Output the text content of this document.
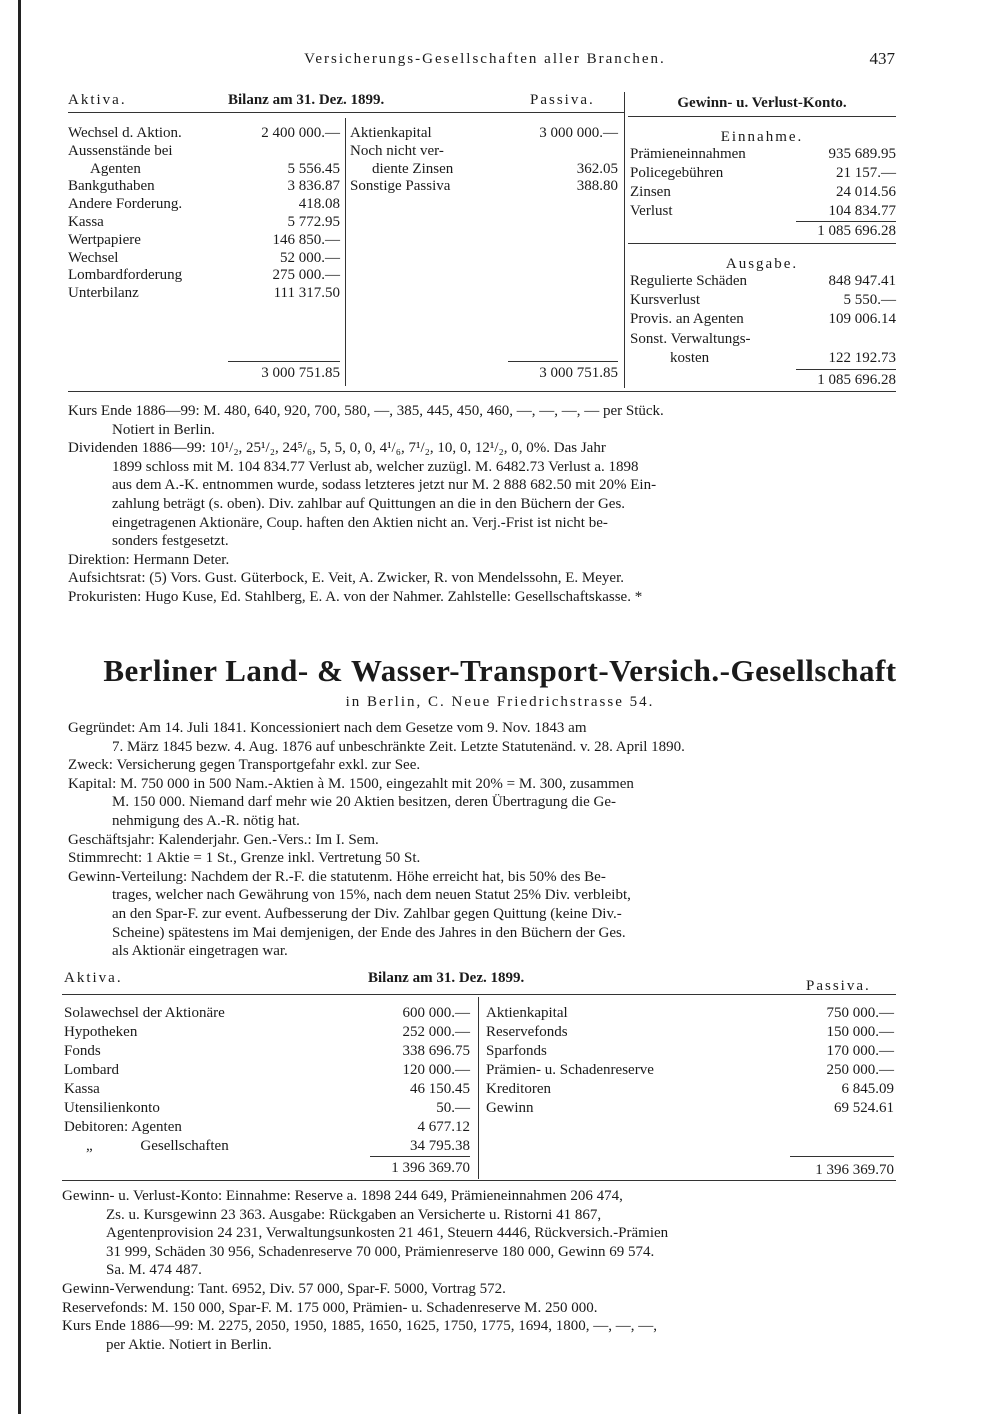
Versicherungs-Gesellschaften aller Branchen.	437
Aktiva.	Bilanz am 31. Dez. 1899.	Passiva.	Gewinn- u. Verlust-Konto.
Wechsel d. Aktion.	2 400 000.—
Aussenstände bei
Agenten	5 556.45
Bankguthaben	3 836.87
Andere Forderung.	418.08
Kassa	5 772.95
Wertpapiere	146 850.—
Wechsel	52 000.—
Lombardforderung	275 000.—
Unterbilanz	111 317.50
Aktienkapital	3 000 000.—
Noch nicht ver-
diente Zinsen	362.05
Sonstige Passiva	388.80
3 000 751.85	3 000 751.85
Einnahme.
Prämieneinnahmen	935 689.95
Policegebühren	21 157.—
Zinsen	24 014.56
Verlust	104 834.77
1 085 696.28
Ausgabe.
Regulierte Schäden	848 947.41
Kursverlust	5 550.—
Provis. an Agenten	109 006.14
Sonst. Verwaltungs-
kosten	122 192.73
1 085 696.28
Kurs Ende 1886—99: M. 480, 640, 920, 700, 580, —, 385, 445, 450, 460, —, —, —, — per Stück.
Notiert in Berlin.
Dividenden 1886—99: 10¹/₂, 25¹/₂, 24⁵/₆, 5, 5, 0, 0, 4¹/₆, 7¹/₂, 10, 0, 12¹/₂, 0, 0%. Das Jahr
1899 schloss mit M. 104 834.77 Verlust ab, welcher zuzügl. M. 6482.73 Verlust a. 1898
aus dem A.-K. entnommen wurde, sodass letzteres jetzt nur M. 2 888 682.50 mit 20% Ein-
zahlung beträgt (s. oben). Div. zahlbar auf Quittungen an die in den Büchern der Ges.
eingetragenen Aktionäre, Coup. haften den Aktien nicht an. Verj.-Frist ist nicht be-
sonders festgesetzt.
Direktion: Hermann Deter.
Aufsichtsrat: (5) Vors. Gust. Güterbock, E. Veit, A. Zwicker, R. von Mendelssohn, E. Meyer.
Prokuristen: Hugo Kuse, Ed. Stahlberg, E. A. von der Nahmer. Zahlstelle: Gesellschaftskasse. *
Berliner Land- & Wasser-Transport-Versich.-Gesellschaft
in Berlin, C. Neue Friedrichstrasse 54.
Gegründet: Am 14. Juli 1841. Koncessioniert nach dem Gesetze vom 9. Nov. 1843 am
7. März 1845 bezw. 4. Aug. 1876 auf unbeschränkte Zeit. Letzte Statutenänd. v. 28. April 1890.
Zweck: Versicherung gegen Transportgefahr exkl. zur See.
Kapital: M. 750 000 in 500 Nam.-Aktien à M. 1500, eingezahlt mit 20% = M. 300, zusammen
M. 150 000. Niemand darf mehr wie 20 Aktien besitzen, deren Übertragung die Ge-
nehmigung des A.-R. nötig hat.
Geschäftsjahr: Kalenderjahr. Gen.-Vers.: Im I. Sem.
Stimmrecht: 1 Aktie = 1 St., Grenze inkl. Vertretung 50 St.
Gewinn-Verteilung: Nachdem der R.-F. die statutenm. Höhe erreicht hat, bis 50% des Be-
trages, welcher nach Gewährung von 15%, nach dem neuen Statut 25% Div. verbleibt,
an den Spar-F. zur event. Aufbesserung der Div. Zahlbar gegen Quittung (keine Div.-
Scheine) spätestens im Mai demjenigen, der Ende des Jahres in den Büchern der Ges.
als Aktionär eingetragen war.
Aktiva.	Bilanz am 31. Dez. 1899.	Passiva.
Solawechsel der Aktionäre	600 000.—
Hypotheken	252 000.—
Fonds	338 696.75
Lombard	120 000.—
Kassa	46 150.45
Utensilienkonto	50.—
Debitoren: Agenten	4 677.12
„ Gesellschaften	34 795.38
Aktienkapital	750 000.—
Reservefonds	150 000.—
Sparfonds	170 000.—
Prämien- u. Schadenreserve	250 000.—
Kreditoren	6 845.09
Gewinn	69 524.61
1 396 369.70	1 396 369.70
Gewinn- u. Verlust-Konto: Einnahme: Reserve a. 1898 244 649, Prämieneinnahmen 206 474,
Zs. u. Kursgewinn 23 363. Ausgabe: Rückgaben an Versicherte u. Ristorni 41 867,
Agentenprovision 24 231, Verwaltungsunkosten 21 461, Steuern 4446, Rückversich.-Prämien
31 999, Schäden 30 956, Schadenreserve 70 000, Prämienreserve 180 000, Gewinn 69 574.
Sa. M. 474 487.
Gewinn-Verwendung: Tant. 6952, Div. 57 000, Spar-F. 5000, Vortrag 572.
Reservefonds: M. 150 000, Spar-F. M. 175 000, Prämien- u. Schadenreserve M. 250 000.
Kurs Ende 1886—99: M. 2275, 2050, 1950, 1885, 1650, 1625, 1750, 1775, 1694, 1800, —, —, —,
per Aktie. Notiert in Berlin.
